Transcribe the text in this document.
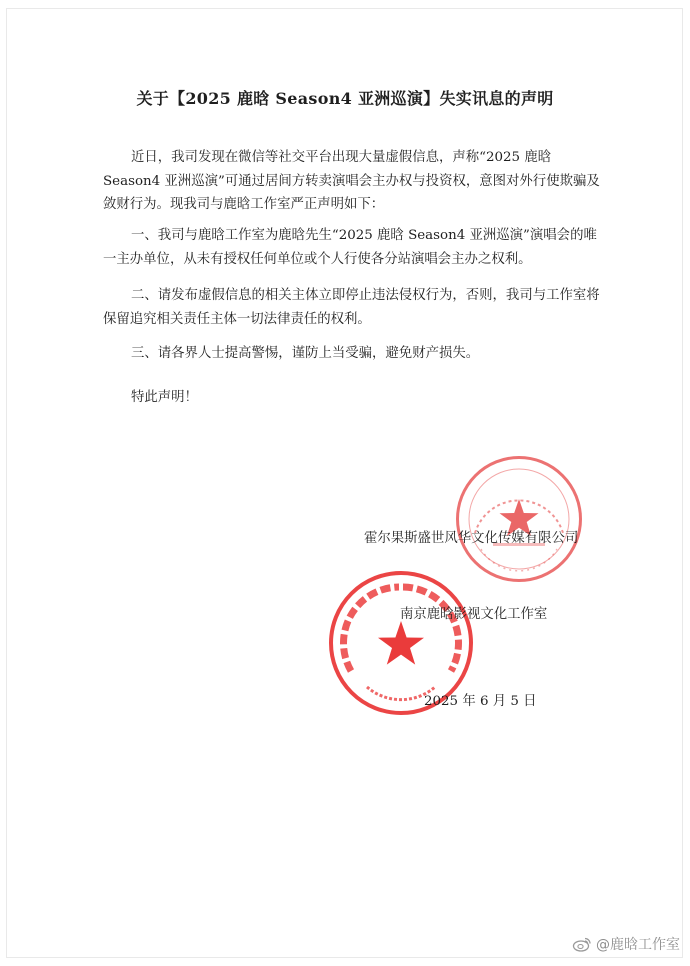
关于【2025 鹿晗 Season4 亚洲巡演】失实讯息的声明

近日，我司发现在微信等社交平台出现大量虚假信息，声称“2025 鹿晗 Season4 亚洲巡演”可通过居间方转卖演唱会主办权与投资权，意图对外行使欺骗及敛财行为。现我司与鹿晗工作室严正声明如下：

一、我司与鹿晗工作室为鹿晗先生“2025 鹿晗 Season4 亚洲巡演”演唱会的唯一主办单位，从未有授权任何单位或个人行使各分站演唱会主办之权利。

二、请发布虚假信息的相关主体立即停止违法侵权行为，否则，我司与工作室将保留追究相关责任主体一切法律责任的权利。

三、请各界人士提高警惕，谨防上当受骗，避免财产损失。

特此声明！

霍尔果斯盛世风华文化传媒有限公司
南京鹿晗影视文化工作室
2025 年 6 月 5 日
@鹿晗工作室
